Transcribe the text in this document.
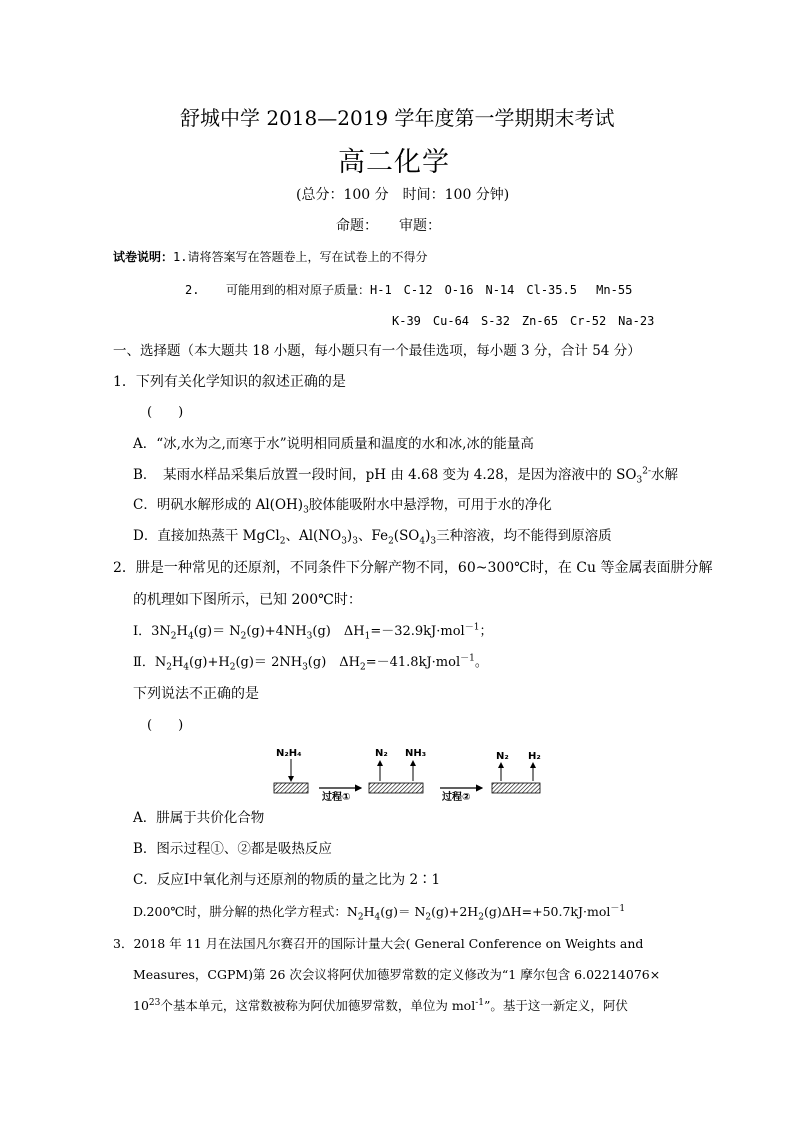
舒城中学 2018—2019 学年度第一学期期末考试
高二化学
(总分：100 分　时间：100 分钟)
命题：　　审题：
试卷说明：1.请将答案写在答题卷上，写在试卷上的不得分
2. 可能用到的相对原子质量：H-1　C-12　O-16　N-14　Cl-35.5　 Mn-55
K-39　Cu-64　S-32　Zn-65　Cr-52　Na-23
一、选择题（本大题共 18 小题，每小题只有一个最佳选项，每小题 3 分，合计 54 分）
1．下列有关化学知识的叙述正确的是
(　　)
A．“冰,水为之,而寒于水”说明相同质量和温度的水和冰,冰的能量高
B．　某雨水样品采集后放置一段时间，pH 由 4.68 变为 4.28，是因为溶液中的 $SO_3^{2-}$水解
C．明矾水解形成的 $Al(OH)_3$胶体能吸附水中悬浮物，可用于水的净化
D．直接加热蒸干 MgCl$_2$、$Al(NO_3)_3$、$Fe_2(SO_4)_3$三种溶液，均不能得到原溶质
2．肼是一种常见的还原剂，不同条件下分解产物不同，60~300℃时，在 Cu 等金属表面肼分解
的机理如下图所示，已知 200℃时：
Ⅰ．$3N_2H_4(g)= N_2(g)+4NH_3(g)$　$\Delta H_1=-32.9kJ\cdot mol^{-1}$；
Ⅱ．$N_2H_4(g)+H_2(g)= 2NH_3(g)$　$\Delta H_2=-41.8kJ\cdot mol^{-1}$。
下列说法不正确的是
(　　)
N₂H₄
过程①
N₂ NH₃
过程②
N₂ H₂
A．肼属于共价化合物
B．图示过程①、②都是吸热反应
C．反应Ⅰ中氧化剂与还原剂的物质的量之比为 2∶1
D.200℃时，肼分解的热化学方程式：$N_2H_4(g)= N_2(g)+2H_2(g)\Delta H=+50.7kJ\cdot mol^{-1}$
3．2018 年 11 月在法国凡尔赛召开的国际计量大会( General Conference on Weights and
Measures，CGPM)第 26 次会议将阿伏加德罗常数的定义修改为“1 摩尔包含 6.02214076×
$10^{23}$个基本单元，这常数被称为阿伏加德罗常数，单位为 mol$^{-1}$”。基于这一新定义，阿伏
